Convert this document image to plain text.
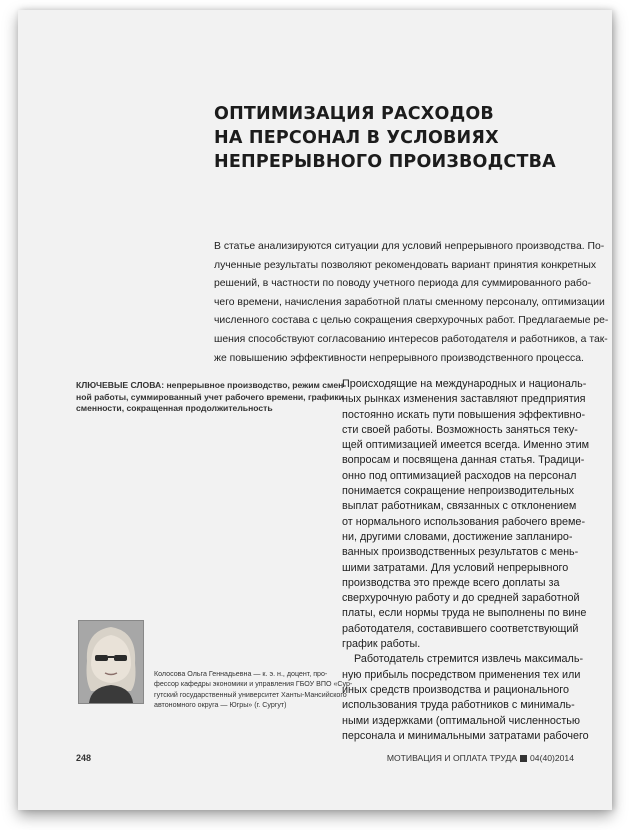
ОПТИМИЗАЦИЯ РАСХОДОВ
НА ПЕРСОНАЛ В УСЛОВИЯХ
НЕПРЕРЫВНОГО ПРОИЗВОДСТВА
В статье анализируются ситуации для условий непрерывного производства. По-
лученные результаты позволяют рекомендовать вариант принятия конкретных
решений, в частности по поводу учетного периода для суммированного рабо-
чего времени, начисления заработной платы сменному персоналу, оптимизации
численного состава с целью сокращения сверхурочных работ. Предлагаемые ре-
шения способствуют согласованию интересов работодателя и работников, а так-
же повышению эффективности непрерывного производственного процесса.
КЛЮЧЕВЫЕ СЛОВА: непрерывное производство, режим смен-
ной работы, суммированный учет рабочего времени, графики
сменности, сокращенная продолжительность
Происходящие на международных и националь-
ных рынках изменения заставляют предприятия
постоянно искать пути повышения эффективно-
сти своей работы. Возможность заняться теку-
щей оптимизацией имеется всегда. Именно этим
вопросам и посвящена данная статья. Традици-
онно под оптимизацией расходов на персонал
понимается сокращение непроизводительных
выплат работникам, связанных с отклонением
от нормального использования рабочего време-
ни, другими словами, достижение запланиро-
ванных производственных результатов с мень-
шими затратами. Для условий непрерывного
производства это прежде всего доплаты за
сверхурочную работу и до средней заработной
платы, если нормы труда не выполнены по вине
работодателя, составившего соответствующий
график работы.
Работодатель стремится извлечь максималь-
ную прибыль посредством применения тех или
иных средств производства и рационального
использования труда работников с минималь-
ными издержками (оптимальной численностью
персонала и минимальными затратами рабочего
Колосова Ольга Геннадьевна — к. э. н., доцент, про-
фессор кафедры экономики и управления ГБОУ ВПО «Сур-
гутский государственный университет Ханты-Мансийского
автономного округа — Югры» (г. Сургут)
248	МОТИВАЦИЯ И ОПЛАТА ТРУДА 04(40)2014
